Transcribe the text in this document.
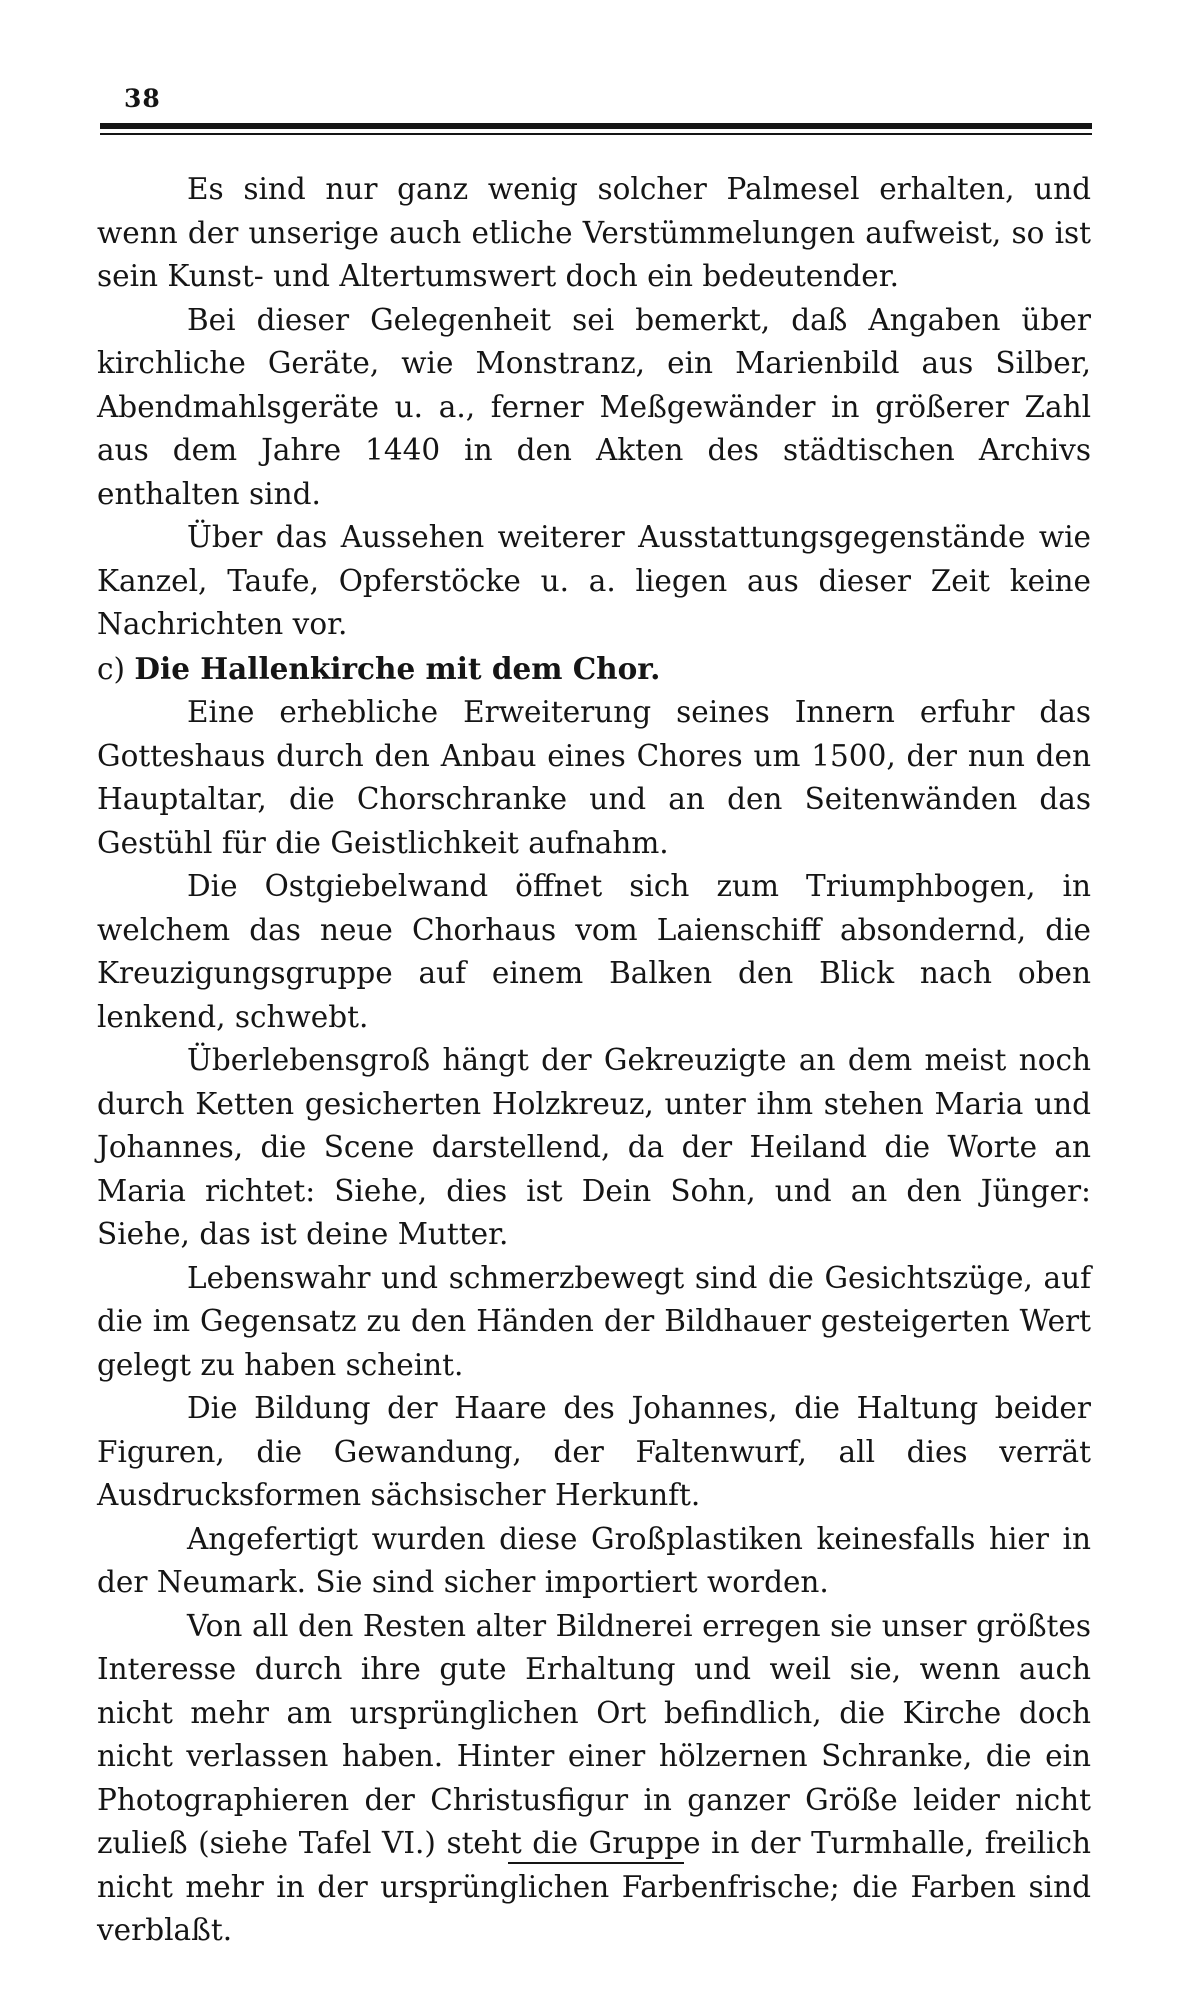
38

Es sind nur ganz wenig solcher Palmesel erhalten, und wenn der unserige auch etliche Verstümmelungen aufweist, so ist sein Kunst- und Altertumswert doch ein bedeutender.

Bei dieser Gelegenheit sei bemerkt, daß Angaben über kirchliche Geräte, wie Monstranz, ein Marienbild aus Silber, Abendmahlsgeräte u. a., ferner Meßgewänder in größerer Zahl aus dem Jahre 1440 in den Akten des städtischen Archivs enthalten sind.

Über das Aussehen weiterer Ausstattungsgegenstände wie Kanzel, Taufe, Opferstöcke u. a. liegen aus dieser Zeit keine Nachrichten vor.

c) Die Hallenkirche mit dem Chor.

Eine erhebliche Erweiterung seines Innern erfuhr das Gotteshaus durch den Anbau eines Chores um 1500, der nun den Hauptaltar, die Chorschranke und an den Seitenwänden das Gestühl für die Geistlichkeit aufnahm.

Die Ostgiebelwand öffnet sich zum Triumphbogen, in welchem das neue Chorhaus vom Laienschiff absondernd, die Kreuzigungsgruppe auf einem Balken den Blick nach oben lenkend, schwebt.

Überlebensgroß hängt der Gekreuzigte an dem meist noch durch Ketten gesicherten Holzkreuz, unter ihm stehen Maria und Johannes, die Scene darstellend, da der Heiland die Worte an Maria richtet: Siehe, dies ist Dein Sohn, und an den Jünger: Siehe, das ist deine Mutter.

Lebenswahr und schmerzbewegt sind die Gesichtszüge, auf die im Gegensatz zu den Händen der Bildhauer gesteigerten Wert gelegt zu haben scheint.

Die Bildung der Haare des Johannes, die Haltung beider Figuren, die Gewandung, der Faltenwurf, all dies verrät Ausdrucksformen sächsischer Herkunft.

Angefertigt wurden diese Großplastiken keinesfalls hier in der Neumark. Sie sind sicher importiert worden.

Von all den Resten alter Bildnerei erregen sie unser größtes Interesse durch ihre gute Erhaltung und weil sie, wenn auch nicht mehr am ursprünglichen Ort befindlich, die Kirche doch nicht verlassen haben. Hinter einer hölzernen Schranke, die ein Photographieren der Christusfigur in ganzer Größe leider nicht zuließ (siehe Tafel VI.) steht die Gruppe in der Turmhalle, freilich nicht mehr in der ursprünglichen Farbenfrische; die Farben sind verblaßt.
